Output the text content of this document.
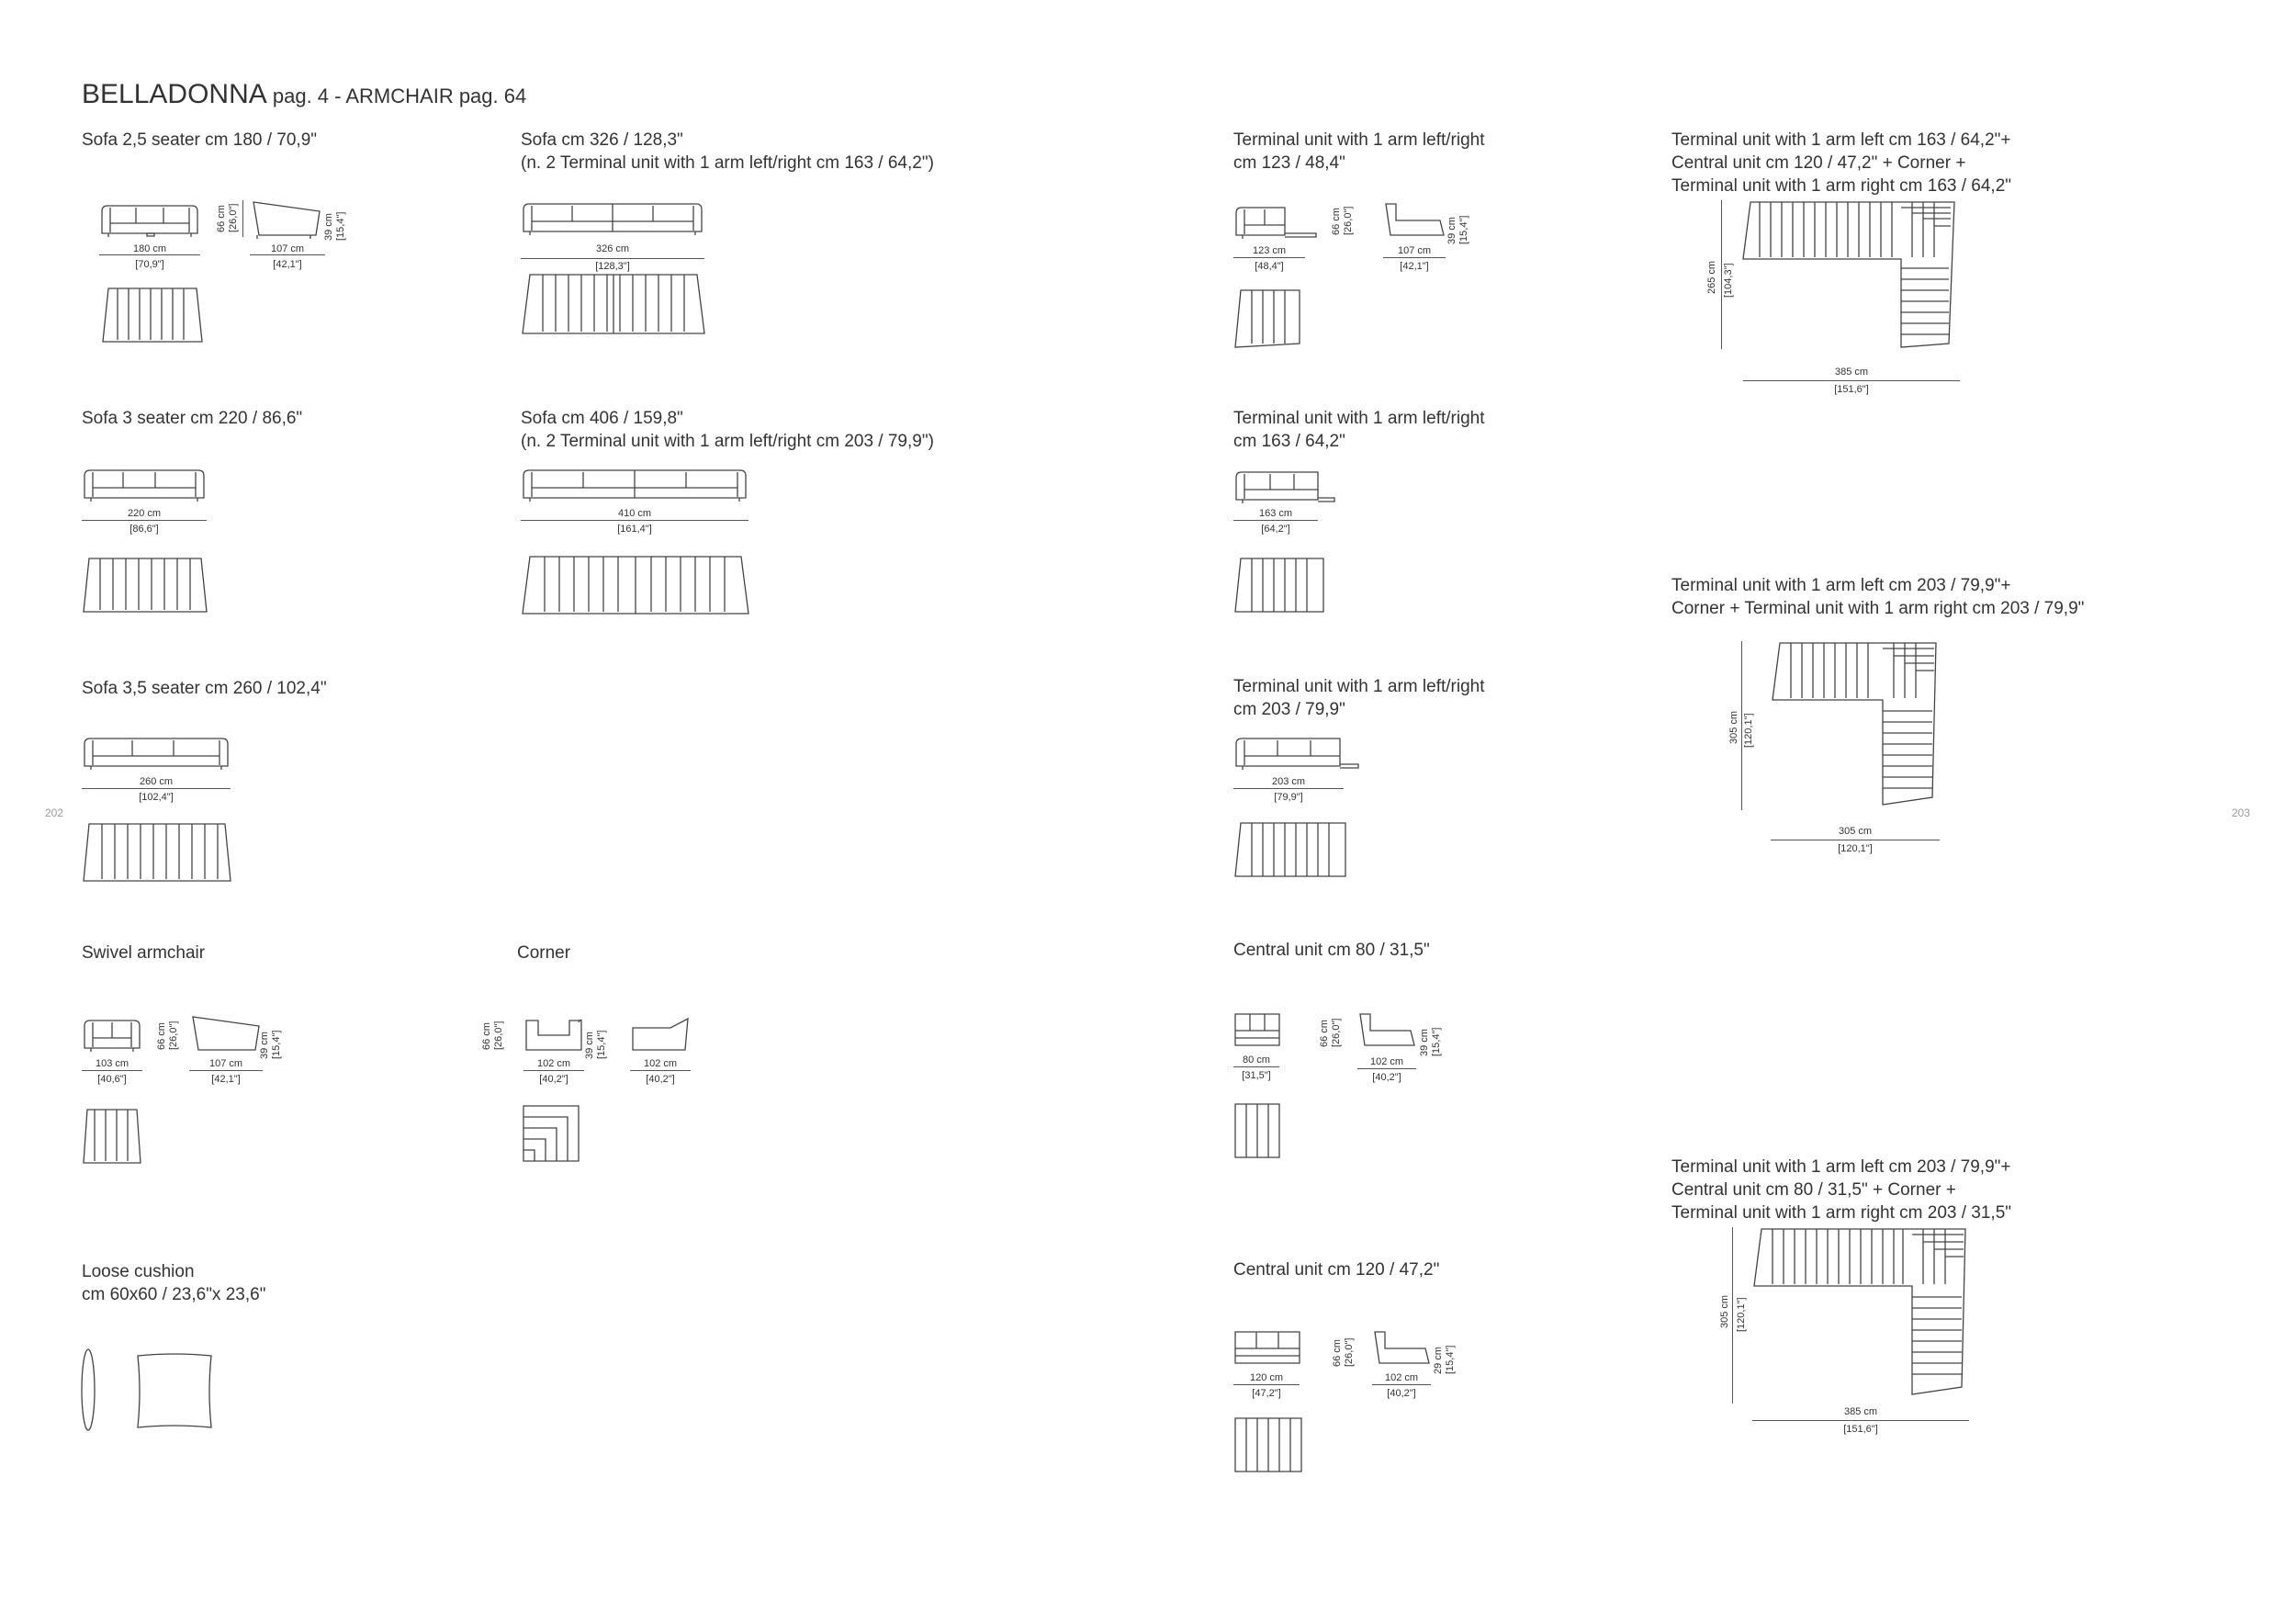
BELLADONNA pag. 4 - ARMCHAIR pag. 64
202	203
Sofa 2,5 seater cm 180 / 70,9"
180 cm
[70,9"]
66 cm [26,0"]	39 cm [15,4"]
107 cm
[42,1"]
Sofa 3 seater cm 220 / 86,6"
220 cm
[86,6"]
Sofa 3,5 seater cm 260 / 102,4"
260 cm
[102,4"]
Swivel armchair
103 cm
[40,6"]
66 cm [26,0"]	39 cm [15,4"]
107 cm
[42,1"]
Loose cushion
cm 60x60 / 23,6"x 23,6"
Sofa cm 326 / 128,3"
(n. 2 Terminal unit with 1 arm left/right cm 163 / 64,2")
326 cm
[128,3"]
Sofa cm 406 / 159,8"
(n. 2 Terminal unit with 1 arm left/right cm 203 / 79,9")
410 cm
[161,4"]
Corner
66 cm [26,0"]	39 cm [15,4"]
102 cm
[40,2"]
102 cm
[40,2"]
Terminal unit with 1 arm left/right
cm 123 / 48,4"
123 cm
[48,4"]
66 cm [26,0"]	39 cm [15,4"]
107 cm
[42,1"]
Terminal unit with 1 arm left/right
cm 163 / 64,2"
163 cm
[64,2"]
Terminal unit with 1 arm left/right
cm 203 / 79,9"
203 cm
[79,9"]
Central unit cm 80 / 31,5"
80 cm
[31,5"]
66 cm [26,0"]	39 cm [15,4"]
102 cm
[40,2"]
Central unit cm 120 / 47,2"
120 cm
[47,2"]
66 cm [26,0"]	29 cm [15,4"]
102 cm
[40,2"]
Terminal unit with 1 arm left cm 163 / 64,2"+
Central unit cm 120 / 47,2" + Corner +
Terminal unit with 1 arm right cm 163 / 64,2"
265 cm [104,3"]
385 cm
[151,6"]
Terminal unit with 1 arm left cm 203 / 79,9"+
Corner + Terminal unit with 1 arm right cm 203 / 79,9"
305 cm [120,1"]
305 cm
[120,1"]
Terminal unit with 1 arm left cm 203 / 79,9"+
Central unit cm 80 / 31,5" + Corner +
Terminal unit with 1 arm right cm 203 / 31,5"
305 cm [120,1"]
385 cm
[151,6"]
